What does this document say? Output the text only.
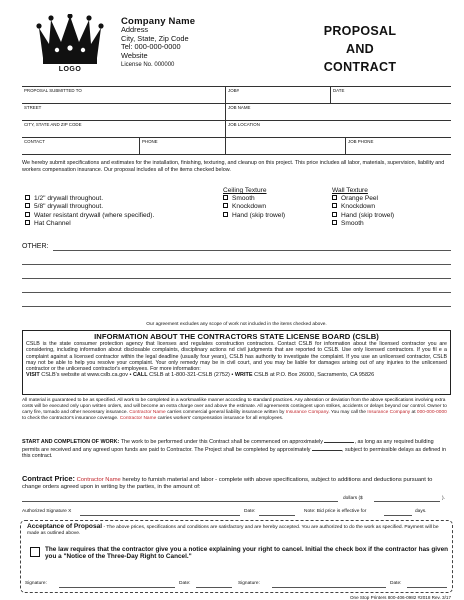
LOGO
Company Name
Address
City, State, Zip Code
Tel: 000-000-0000
Website
License No. 000000
PROPOSAL
AND
CONTRACT
PROPOSAL SUBMITTED TO	JOB#	DATE
STREET	JOB NAME
CITY, STATE AND ZIP CODE	JOB LOCATION
CONTACT	PHONE	JOB PHONE
We hereby submit specifications and estimates for the installation, finishing, texturing, and cleanup on this project. This price includes all labor, materials, supervision, liability and workers compensation insurance. Our proposal includes all of the items checked below.
1/2" drywall throughout.
5/8" drywall throughout.
Water resistant drywall (where specified).
Hat Channel
Ceiling Texture
Smooth
Knockdown
Hand (skip trowel)
Wall Texture
Orange Peel
Knockdown
Hand (skip trowel)
Smooth
OTHER:
Our agreement excludes any scope of work not included in the items checked above.
INFORMATION ABOUT THE CONTRACTORS STATE LICENSE BOARD (CSLB)
CSLB is the state consumer protection agency that licenses and regulates construction contractors. Contact CSLB for information about the licensed contractor you are considering, including information about disclosable complaints, disciplinary actions nd civil judgments that are reported to CSLB. Use only licensed contractors. If you fil e a complaint against a licensed contractor within the legal deadline (usually four years), CSLB has authority to investigate the complaint. If you use an unlicensed contractor, CSLB may not be able to help you resolve your complaint. Your only remedy may be in civil court, and you may be liable for damages arising out of any injuries to the unlicensed contractor or the unlicensed contractor's employees. For more information:
VISIT CSLB's website at www.cslb.ca.gov • CALL CSLB at 1-800-321-CSLB (2752) • WRITE CSLB at P.O. Box 26000, Sacramento, CA 95826
All material is guaranteed to be as specified. All work to be completed in a workmanlike manner according to standard practices. Any alteration or deviation from the above specifications involving extra costs will be executed only upon written orders, and will become an extra charge over and above the estimate. All agreements contingent upon strikes, accidents or delays beyond our control. Owner to carry fire, tornado and other necessary insurance. Contractor Name carries commercial general liability insurance written by Insurance Company. You may call the Insurance Company at 000-000-0000 to check the contractor's insurance coverage. Contractor Name carries workers' compensation insurance for all employees.
START AND COMPLETION OF WORK: The work to be performed under this Contract shall be commenced on approximately	, as long as any required building permits are received and any agreed upon funds are paid to Contractor. The Project shall be completed by approximately	, subject to permissible delays as defined in this contract.
Contract Price: Contractor Name hereby to furnish material and labor - complete with above specifications, subject to additions and deductions pursuant to change orders agreed upon in writing by the parties, in the amount of:
dollars ($	).
Authorized Signature X	Date:	Note: Bid price is effective for	days.
Acceptance of Proposal - The above prices, specifications and conditions are satisfactory and are hereby accepted. You are authorized to do the work as specified. Payment will be made as outlined above.
The law requires that the contractor give you a notice explaining your right to cancel. Initial the check box if the contractor has given you a "Notice of the Three-Day Right to Cancel."
Signature:	Date:	Signature:	Date:
One Stop Printers 800-406-0982 #2018 Rev. 3/17
